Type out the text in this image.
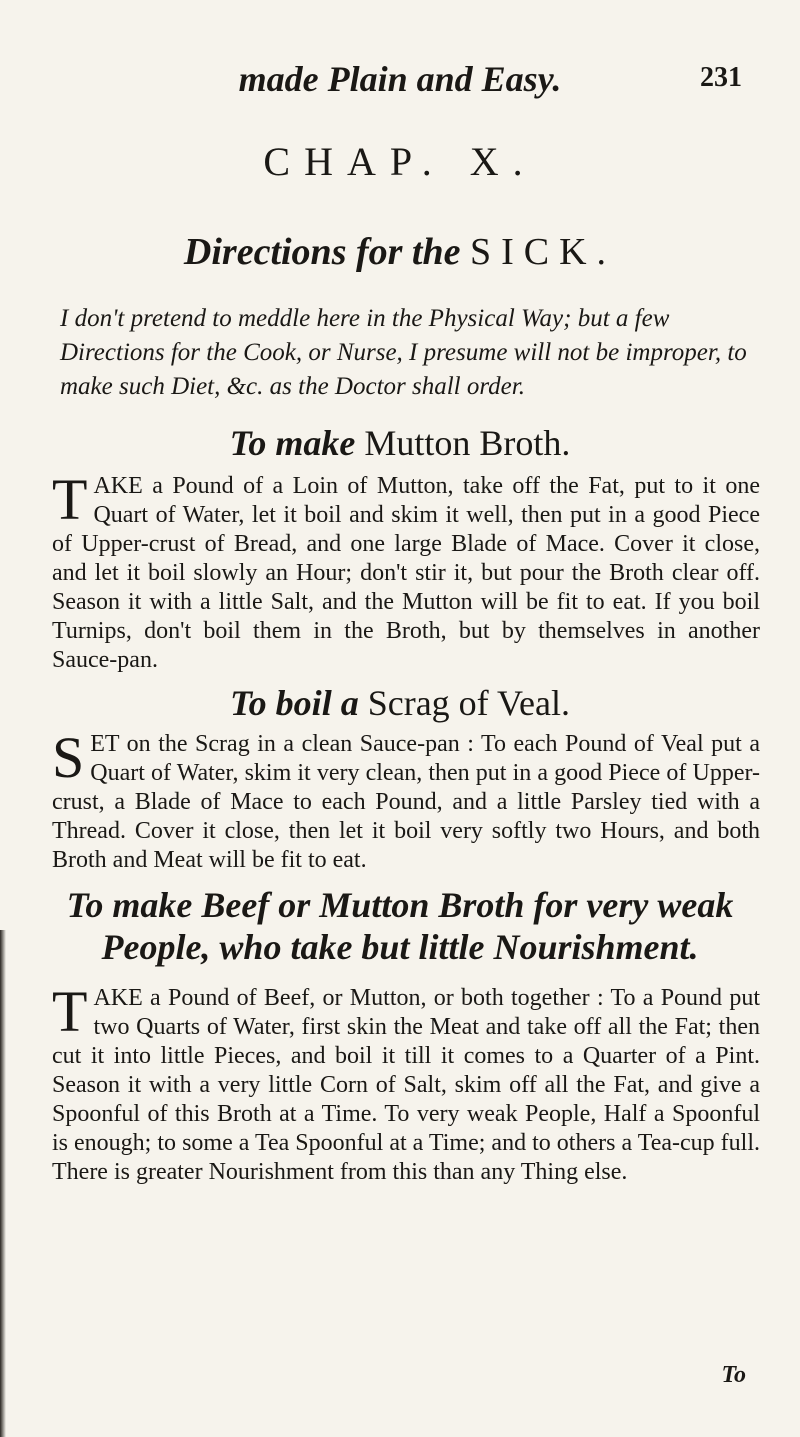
made Plain and Easy.	231
CHAP. X.
Directions for the SICK.
I don't pretend to meddle here in the Physical Way; but a few Directions for the Cook, or Nurse, I presume will not be improper, to make such Diet, &c. as the Doctor shall order.
To make Mutton Broth.
TAKE a Pound of a Loin of Mutton, take off the Fat, put to it one Quart of Water, let it boil and skim it well, then put in a good Piece of Upper-crust of Bread, and one large Blade of Mace. Cover it close, and let it boil slowly an Hour; don't stir it, but pour the Broth clear off. Season it with a little Salt, and the Mutton will be fit to eat. If you boil Turnips, don't boil them in the Broth, but by themselves in another Sauce-pan.
To boil a Scrag of Veal.
SET on the Scrag in a clean Sauce-pan : To each Pound of Veal put a Quart of Water, skim it very clean, then put in a good Piece of Upper-crust, a Blade of Mace to each Pound, and a little Parsley tied with a Thread. Cover it close, then let it boil very softly two Hours, and both Broth and Meat will be fit to eat.
To make Beef or Mutton Broth for very weak
People, who take but little Nourishment.
TAKE a Pound of Beef, or Mutton, or both together : To a Pound put two Quarts of Water, first skin the Meat and take off all the Fat; then cut it into little Pieces, and boil it till it comes to a Quarter of a Pint. Season it with a very little Corn of Salt, skim off all the Fat, and give a Spoonful of this Broth at a Time. To very weak People, Half a Spoonful is enough; to some a Tea Spoonful at a Time; and to others a Tea-cup full. There is greater Nourishment from this than any Thing else.
To
